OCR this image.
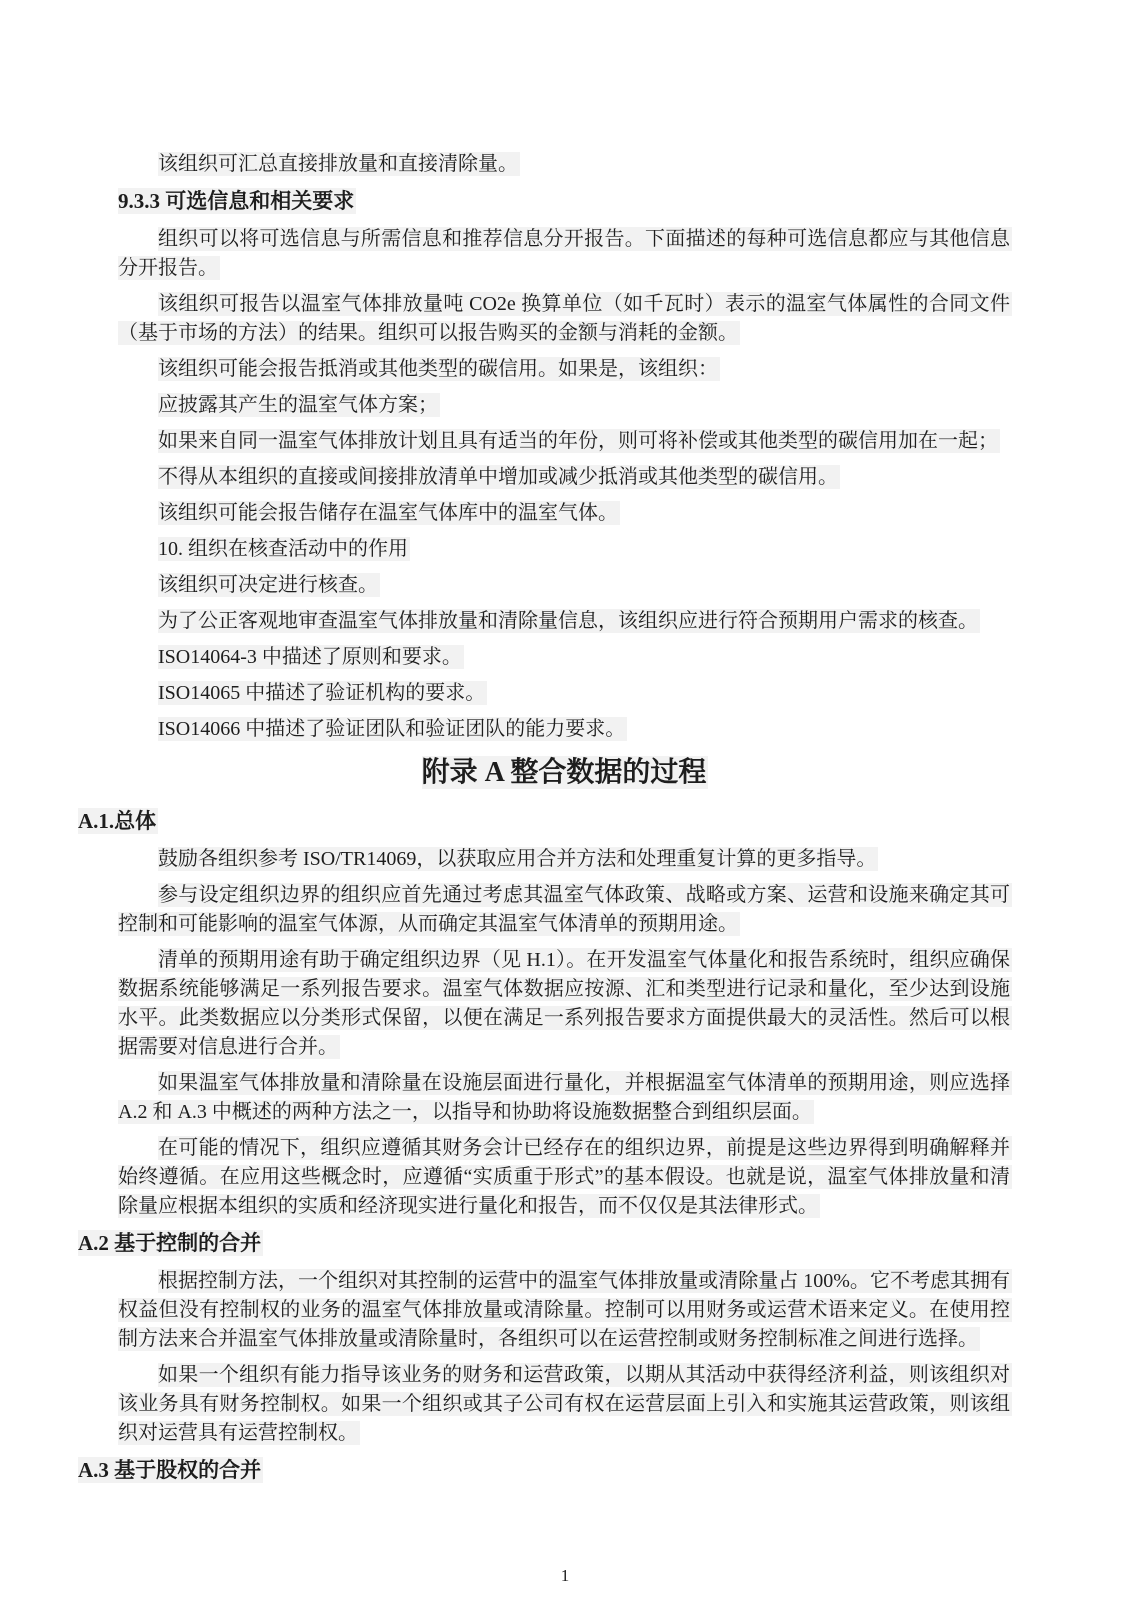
该组织可汇总直接排放量和直接清除量。

9.3.3 可选信息和相关要求

组织可以将可选信息与所需信息和推荐信息分开报告。下面描述的每种可选信息都应与其他信息分开报告。

该组织可报告以温室气体排放量吨 CO2e 换算单位（如千瓦时）表示的温室气体属性的合同文件（基于市场的方法）的结果。组织可以报告购买的金额与消耗的金额。

该组织可能会报告抵消或其他类型的碳信用。如果是，该组织：

应披露其产生的温室气体方案；

如果来自同一温室气体排放计划且具有适当的年份，则可将补偿或其他类型的碳信用加在一起；

不得从本组织的直接或间接排放清单中增加或减少抵消或其他类型的碳信用。

该组织可能会报告储存在温室气体库中的温室气体。

10. 组织在核查活动中的作用

该组织可决定进行核查。

为了公正客观地审查温室气体排放量和清除量信息，该组织应进行符合预期用户需求的核查。

ISO14064-3 中描述了原则和要求。

ISO14065 中描述了验证机构的要求。

ISO14066 中描述了验证团队和验证团队的能力要求。

附录 A 整合数据的过程
A.1.总体

鼓励各组织参考 ISO/TR14069，以获取应用合并方法和处理重复计算的更多指导。

参与设定组织边界的组织应首先通过考虑其温室气体政策、战略或方案、运营和设施来确定其可控制和可能影响的温室气体源，从而确定其温室气体清单的预期用途。

清单的预期用途有助于确定组织边界（见 H.1）。在开发温室气体量化和报告系统时，组织应确保数据系统能够满足一系列报告要求。温室气体数据应按源、汇和类型进行记录和量化，至少达到设施水平。此类数据应以分类形式保留，以便在满足一系列报告要求方面提供最大的灵活性。然后可以根据需要对信息进行合并。

如果温室气体排放量和清除量在设施层面进行量化，并根据温室气体清单的预期用途，则应选择 A.2 和 A.3 中概述的两种方法之一，以指导和协助将设施数据整合到组织层面。

在可能的情况下，组织应遵循其财务会计已经存在的组织边界，前提是这些边界得到明确解释并始终遵循。在应用这些概念时，应遵循“实质重于形式”的基本假设。也就是说，温室气体排放量和清除量应根据本组织的实质和经济现实进行量化和报告，而不仅仅是其法律形式。

A.2 基于控制的合并

根据控制方法，一个组织对其控制的运营中的温室气体排放量或清除量占 100%。它不考虑其拥有权益但没有控制权的业务的温室气体排放量或清除量。控制可以用财务或运营术语来定义。在使用控制方法来合并温室气体排放量或清除量时，各组织可以在运营控制或财务控制标准之间进行选择。

如果一个组织有能力指导该业务的财务和运营政策，以期从其活动中获得经济利益，则该组织对该业务具有财务控制权。如果一个组织或其子公司有权在运营层面上引入和实施其运营政策，则该组织对运营具有运营控制权。

A.3 基于股权的合并
1
